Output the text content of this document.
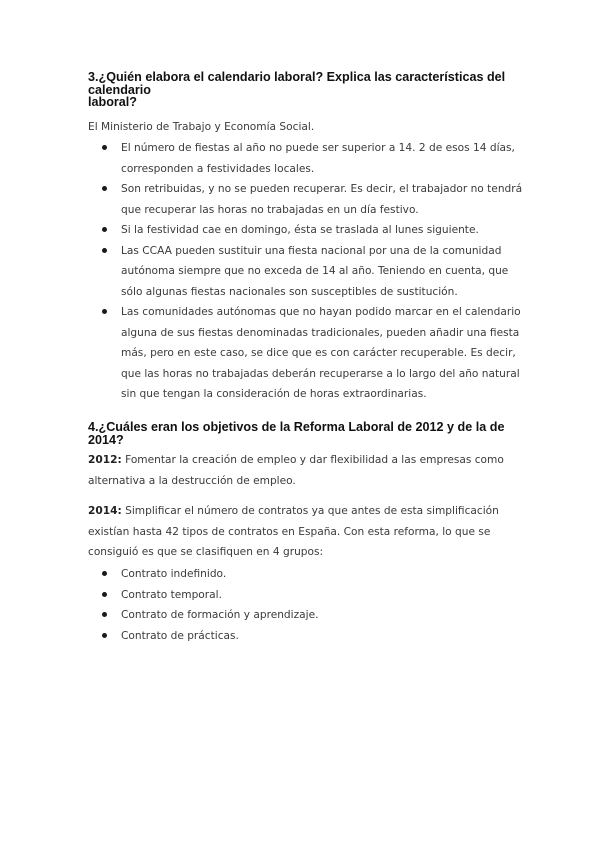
3.¿Quién elabora el calendario laboral? Explica las características del
calendario
laboral?

El Ministerio de Trabajo y Economía Social.

El número de fiestas al año no puede ser superior a 14. 2 de esos 14 días, corresponden a festividades locales.
Son retribuidas, y no se pueden recuperar. Es decir, el trabajador no tendrá que recuperar las horas no trabajadas en un día festivo.
Si la festividad cae en domingo, ésta se traslada al lunes siguiente.
Las CCAA pueden sustituir una fiesta nacional por una de la comunidad autónoma siempre que no exceda de 14 al año. Teniendo en cuenta, que sólo algunas fiestas nacionales son susceptibles de sustitución.
Las comunidades autónomas que no hayan podido marcar en el calendario alguna de sus fiestas denominadas tradicionales, pueden añadir una fiesta más, pero en este caso, se dice que es con carácter recuperable. Es decir, que las horas no trabajadas deberán recuperarse a lo largo del año natural sin que tengan la consideración de horas extraordinarias.
4.¿Cuáles eran los objetivos de la Reforma Laboral de 2012 y de la de 2014?

2012: Fomentar la creación de empleo y dar flexibilidad a las empresas como alternativa a la destrucción de empleo.

2014: Simplificar el número de contratos ya que antes de esta simplificación existían hasta 42 tipos de contratos en España. Con esta reforma, lo que se consiguió es que se clasifiquen en 4 grupos:

Contrato indefinido.
Contrato temporal.
Contrato de formación y aprendizaje.
Contrato de prácticas.
